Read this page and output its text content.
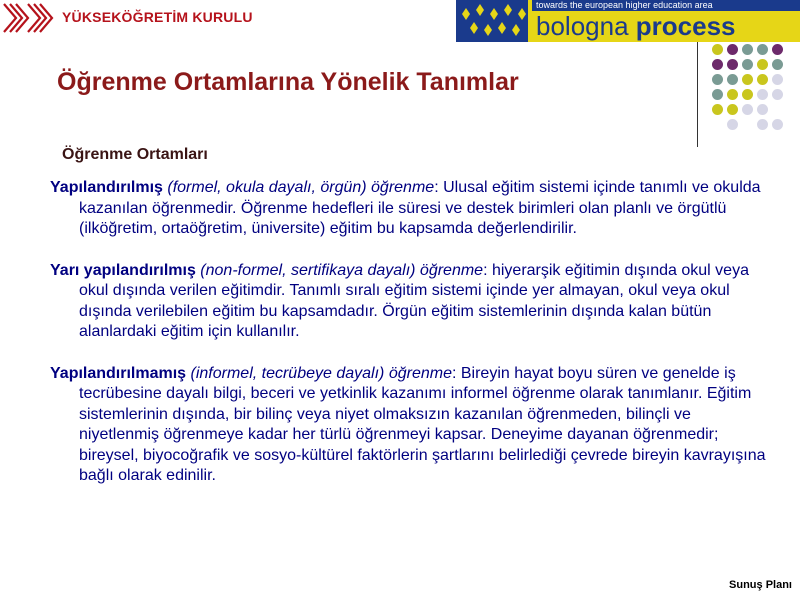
YÜKSEKÖĞRETİM KURULU
towards the european higher education area
bologna process
Öğrenme Ortamlarına Yönelik Tanımlar
Öğrenme Ortamları

Yapılandırılmış (formel, okula dayalı, örgün) öğrenme: Ulusal eğitim sistemi içinde tanımlı ve okulda kazanılan öğrenmedir. Öğrenme hedefleri ile süresi ve destek birimleri olan planlı ve örgütlü (ilköğretim, ortaöğretim, üniversite) eğitim bu kapsamda değerlendirilir.

Yarı yapılandırılmış (non-formel, sertifikaya dayalı) öğrenme: hiyerarşik eğitimin dışında okul veya okul dışında verilen eğitimdir. Tanımlı sıralı eğitim sistemi içinde yer almayan, okul veya okul dışında verilebilen eğitim bu kapsamdadır. Örgün eğitim sistemlerinin dışında kalan bütün alanlardaki eğitim için kullanılır.

Yapılandırılmamış (informel, tecrübeye dayalı) öğrenme: Bireyin hayat boyu süren ve genelde iş tecrübesine dayalı bilgi, beceri ve yetkinlik kazanımı informel öğrenme olarak tanımlanır. Eğitim sistemlerinin dışında, bir bilinç veya niyet olmaksızın kazanılan öğrenmeden, bilinçli ve niyetlenmiş öğrenmeye kadar her türlü öğrenmeyi kapsar. Deneyime dayanan öğrenmedir; bireysel, biyocoğrafik ve sosyo-kültürel faktörlerin şartlarını belirlediği çevrede bireyin kavrayışına bağlı olarak edinilir.

Sunuş Planı
